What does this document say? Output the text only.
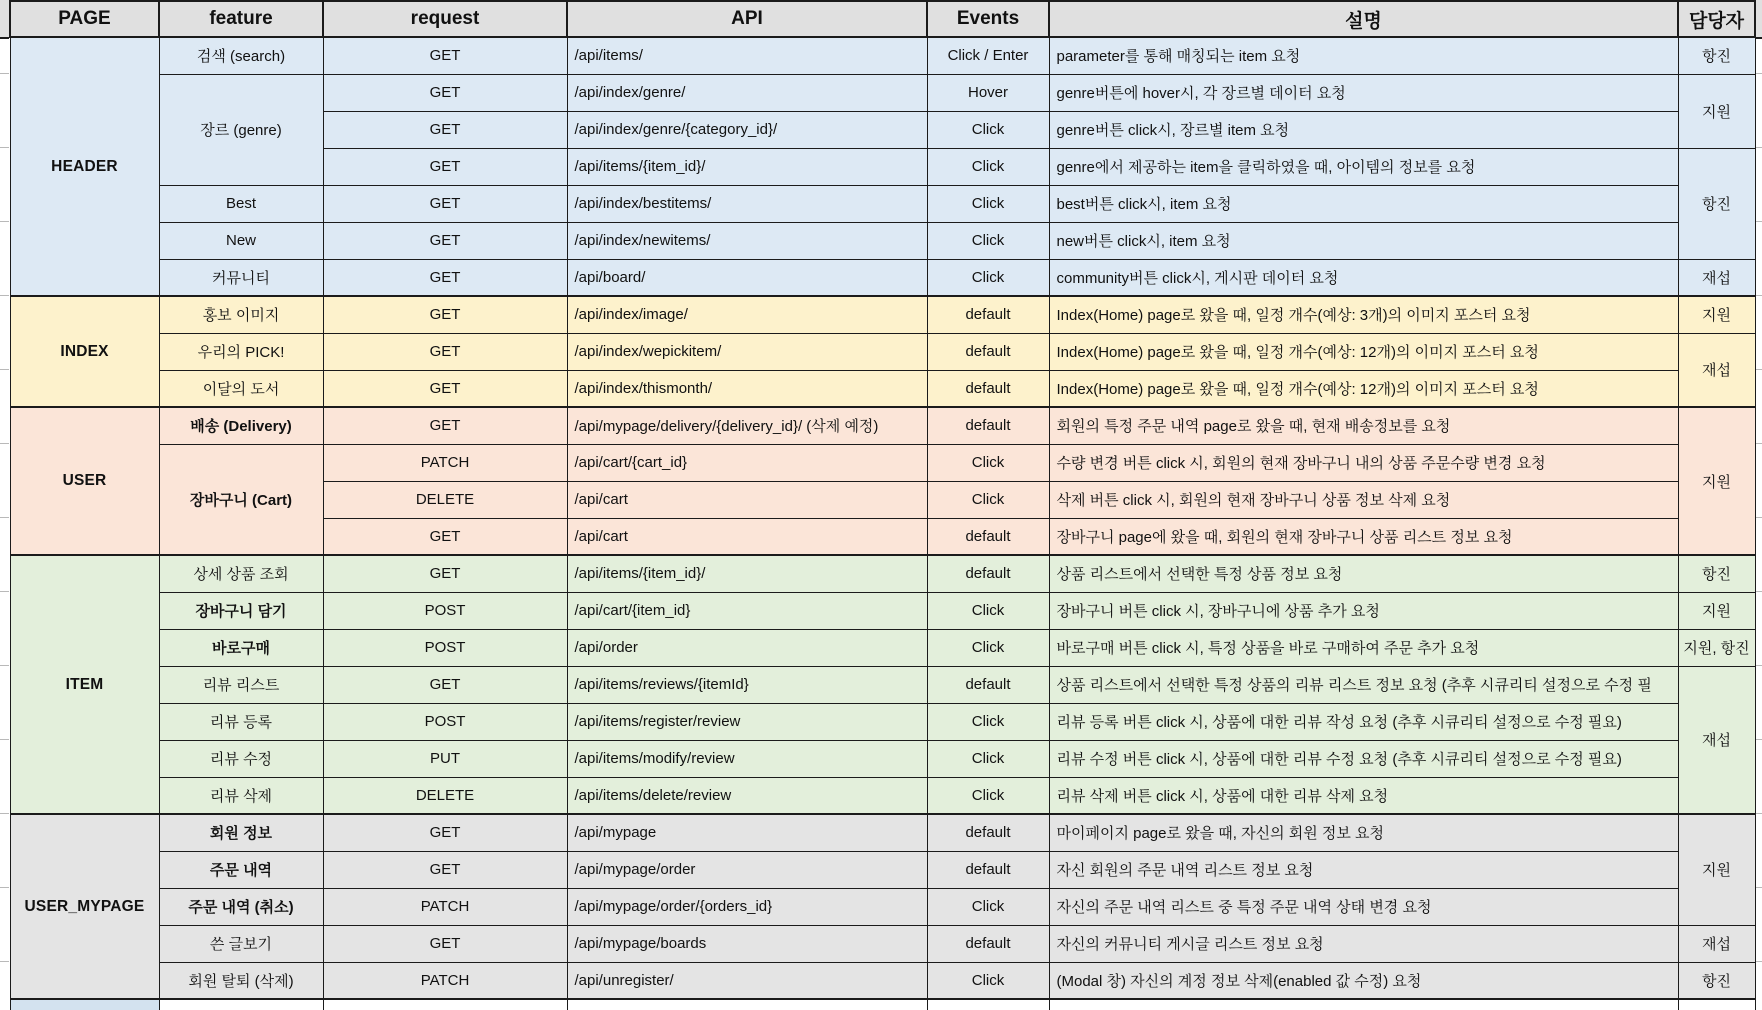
PAGE	feature	request	API	Events	설명	담당자
HEADER	검색 (search)	GET	/api/items/	Click / Enter	parameter를 통해 매칭되는 item 요청	항진
	장르 (genre)	GET	/api/index/genre/	Hover	genre버튼에 hover시, 각 장르별 데이터 요청	지원
		GET	/api/index/genre/{category_id}/	Click	genre버튼 click시, 장르별 item 요청	
		GET	/api/items/{item_id}/	Click	genre에서 제공하는 item을 클릭하였을 때, 아이템의 정보를 요청	항진
	Best	GET	/api/index/bestitems/	Click	best버튼 click시, item 요청	
	New	GET	/api/index/newitems/	Click	new버튼 click시, item 요청	
	커뮤니티	GET	/api/board/	Click	community버튼 click시, 게시판 데이터 요청	재섭
INDEX	홍보 이미지	GET	/api/index/image/	default	Index(Home) page로 왔을 때, 일정 개수(예상: 3개)의 이미지 포스터 요청	지원
	우리의 PICK!	GET	/api/index/wepickitem/	default	Index(Home) page로 왔을 때, 일정 개수(예상: 12개)의 이미지 포스터 요청	재섭
	이달의 도서	GET	/api/index/thismonth/	default	Index(Home) page로 왔을 때, 일정 개수(예상: 12개)의 이미지 포스터 요청	
USER	배송 (Delivery)	GET	/api/mypage/delivery/{delivery_id}/ (삭제 예정)	default	회원의 특정 주문 내역 page로 왔을 때, 현재 배송정보를 요청	지원
	장바구니 (Cart)	PATCH	/api/cart/{cart_id}	Click	수량 변경 버튼 click 시, 회원의 현재 장바구니 내의 상품 주문수량 변경 요청	
		DELETE	/api/cart	Click	삭제 버튼 click 시, 회원의 현재 장바구니 상품 정보 삭제 요청	
		GET	/api/cart	default	장바구니 page에 왔을 때, 회원의 현재 장바구니 상품 리스트 정보 요청	
ITEM	상세 상품 조회	GET	/api/items/{item_id}/	default	상품 리스트에서 선택한 특정 상품 정보 요청	항진
	장바구니 담기	POST	/api/cart/{item_id}	Click	장바구니 버튼 click 시, 장바구니에 상품 추가 요청	지원
	바로구매	POST	/api/order	Click	바로구매 버튼 click 시, 특정 상품을 바로 구매하여 주문 추가 요청	지원, 항진
	리뷰 리스트	GET	/api/items/reviews/{itemId}	default	상품 리스트에서 선택한 특정 상품의 리뷰 리스트 정보 요청 (추후 시큐리티 설정으로 수정 필	재섭
	리뷰 등록	POST	/api/items/register/review	Click	리뷰 등록 버튼 click 시, 상품에 대한 리뷰 작성 요청 (추후 시큐리티 설정으로 수정 필요)	
	리뷰 수정	PUT	/api/items/modify/review	Click	리뷰 수정 버튼 click 시, 상품에 대한 리뷰 수정 요청 (추후 시큐리티 설정으로 수정 필요)	
	리뷰 삭제	DELETE	/api/items/delete/review	Click	리뷰 삭제 버튼 click 시, 상품에 대한 리뷰 삭제 요청	
USER_MYPAGE	회원 정보	GET	/api/mypage	default	마이페이지 page로 왔을 때, 자신의 회원 정보 요청	지원
	주문 내역	GET	/api/mypage/order	default	자신 회원의 주문 내역 리스트 정보 요청	
	주문 내역 (취소)	PATCH	/api/mypage/order/{orders_id}	Click	자신의 주문 내역 리스트 중 특정 주문 내역 상태 변경 요청	
	쓴 글보기	GET	/api/mypage/boards	default	자신의 커뮤니티 게시글 리스트 정보 요청	재섭
	회원 탈퇴 (삭제)	PATCH	/api/unregister/	Click	(Modal 창) 자신의 계정 정보 삭제(enabled 값 수정) 요청	항진
